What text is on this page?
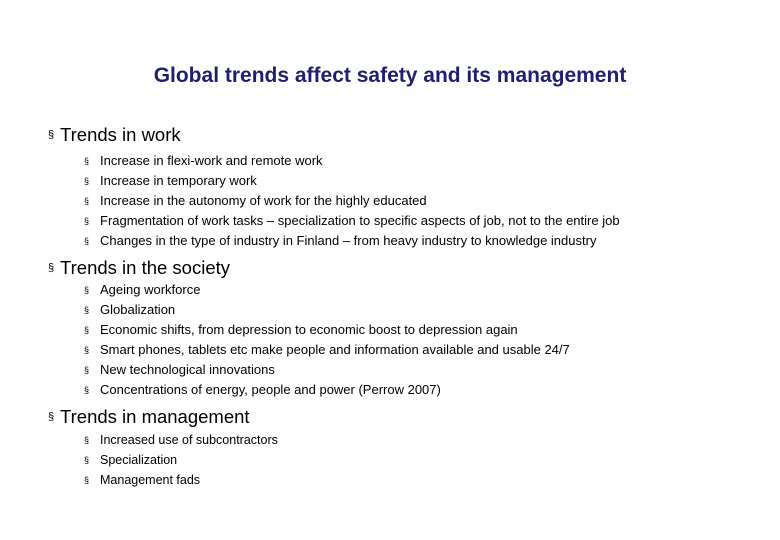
Global trends affect safety and its management
§ Trends in work
§ Increase in flexi-work and remote work
§ Increase in temporary work
§ Increase in the autonomy of work for the highly educated
§ Fragmentation of work tasks – specialization to specific aspects of job, not to the entire job
§ Changes in the type of industry in Finland – from heavy industry to knowledge industry
§ Trends in the society
§ Ageing workforce
§ Globalization
§ Economic shifts, from depression to economic boost to depression again
§ Smart phones, tablets etc make people and information available and usable 24/7
§ New technological innovations
§ Concentrations of energy, people and power (Perrow 2007)
§ Trends in management
§ Increased use of subcontractors
§ Specialization
§ Management fads
